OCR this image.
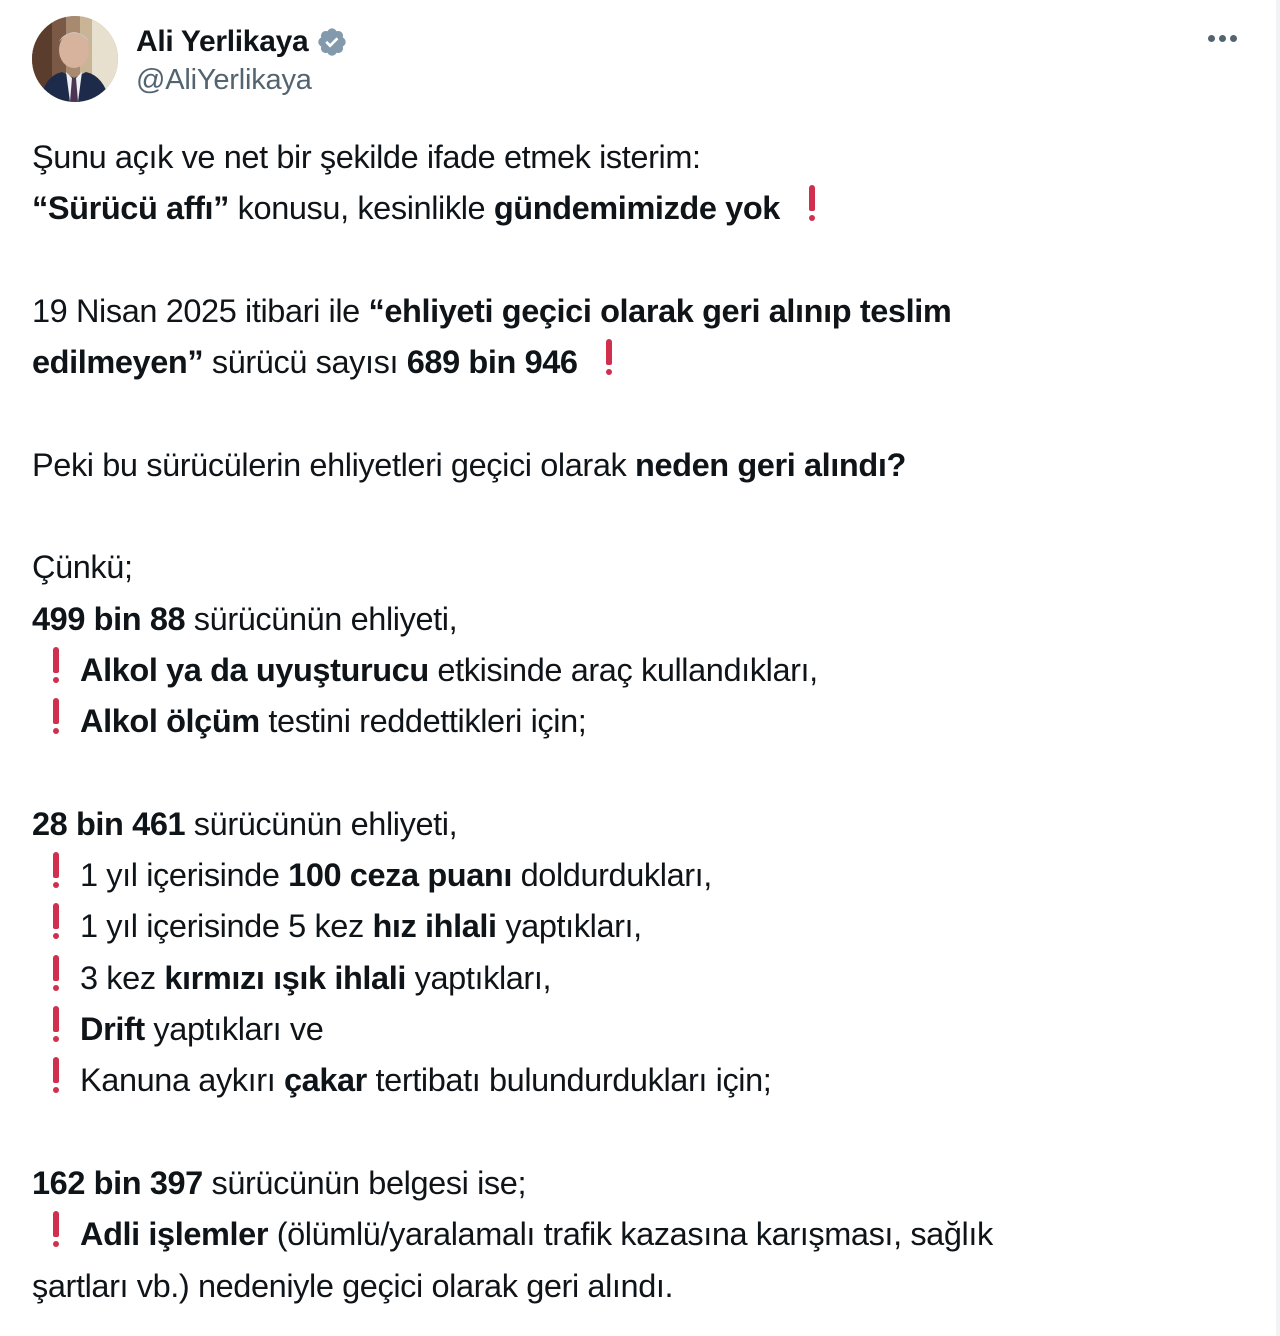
Ali Yerlikaya
@AliYerlikaya
Şunu açık ve net bir şekilde ifade etmek isterim:
“Sürücü affı” konusu, kesinlikle gündemimizde yok
19 Nisan 2025 itibari ile “ehliyeti geçici olarak geri alınıp teslim
edilmeyen” sürücü sayısı 689 bin 946
Peki bu sürücülerin ehliyetleri geçici olarak neden geri alındı?
Çünkü;
499 bin 88 sürücünün ehliyeti,
Alkol ya da uyuşturucu etkisinde araç kullandıkları,
Alkol ölçüm testini reddettikleri için;
28 bin 461 sürücünün ehliyeti,
1 yıl içerisinde 100 ceza puanı doldurdukları,
1 yıl içerisinde 5 kez hız ihlali yaptıkları,
3 kez kırmızı ışık ihlali yaptıkları,
Drift yaptıkları ve
Kanuna aykırı çakar tertibatı bulundurdukları için;
162 bin 397 sürücünün belgesi ise;
Adli işlemler (ölümlü/yaralamalı trafik kazasına karışması, sağlık
şartları vb.) nedeniyle geçici olarak geri alındı.
